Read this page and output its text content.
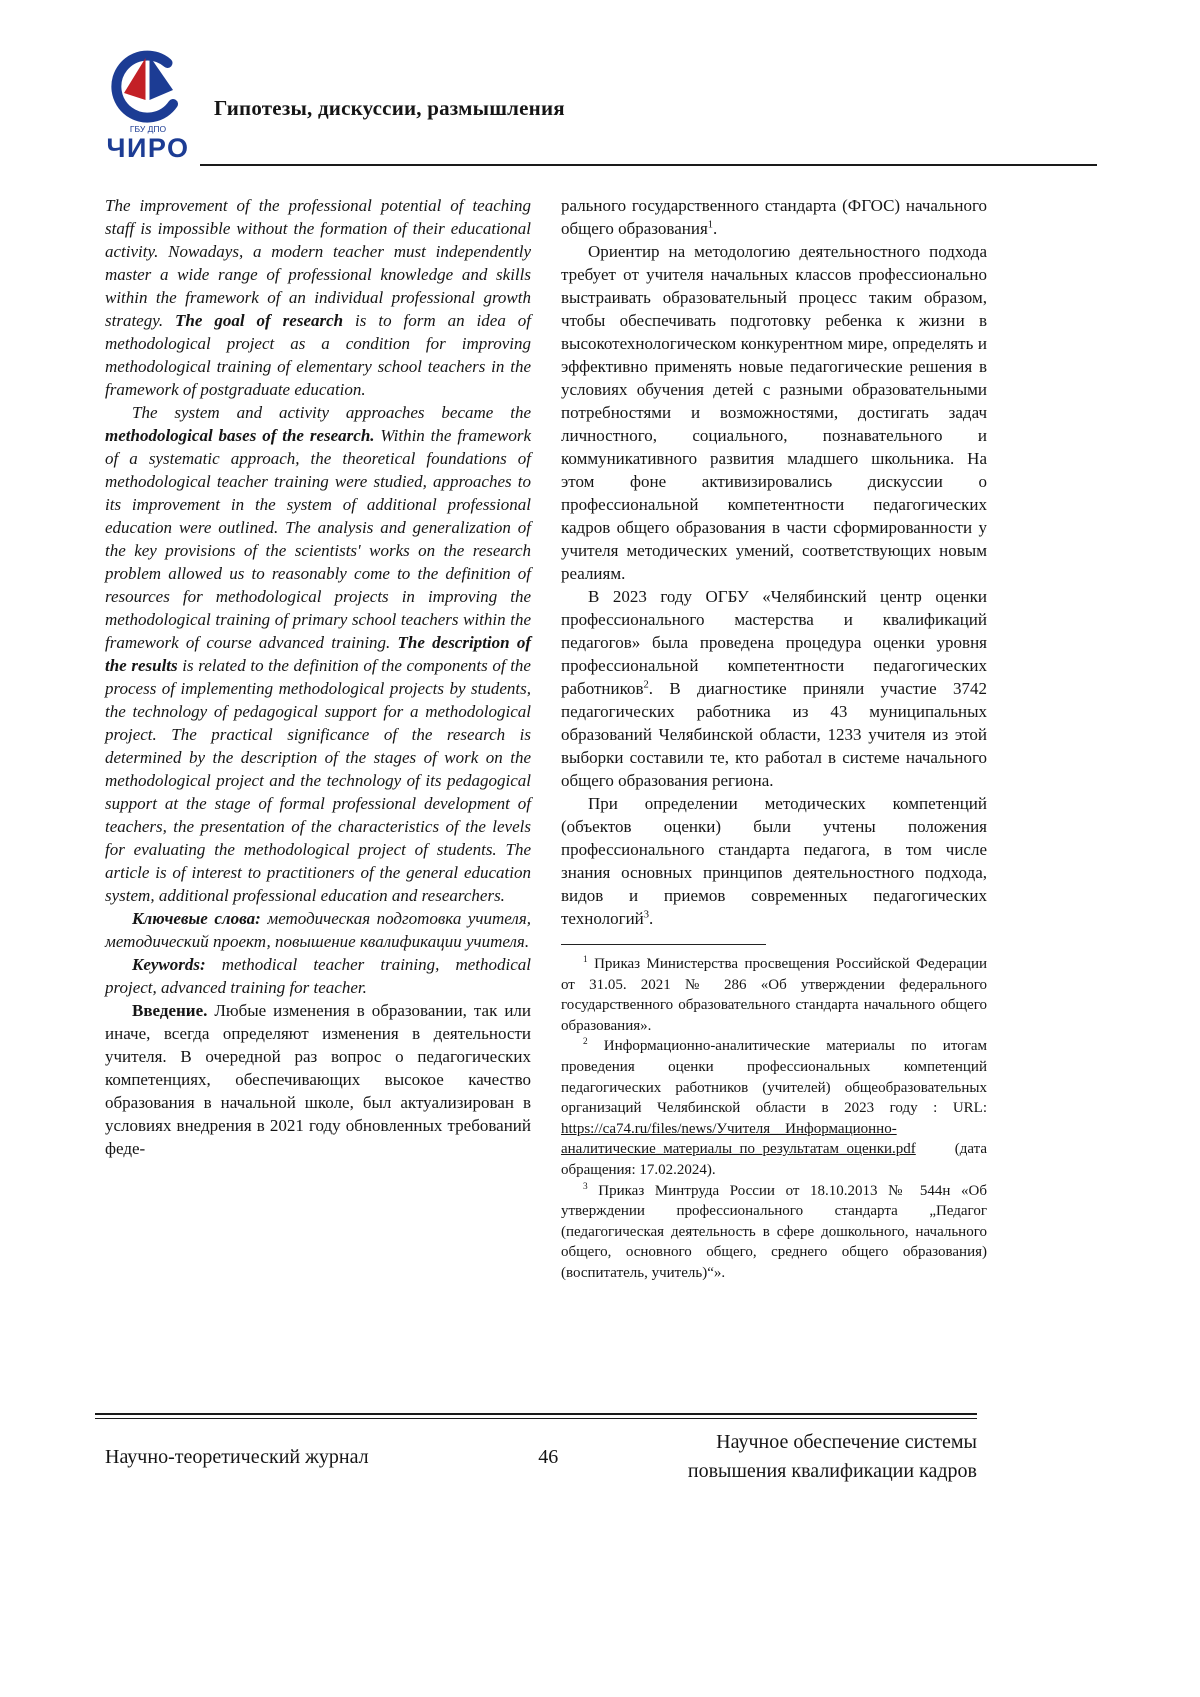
ГБУ ДПО
ЧИРО
Гипотезы, дискуссии, размышления

The improvement of the professional potential of teaching staff is impossible without the formation of their educational activity. Nowadays, a modern teacher must independently master a wide range of professional knowledge and skills within the framework of an individual professional growth strategy. The goal of research is to form an idea of methodological project as a condition for improving methodological training of elementary school teachers in the framework of postgraduate education.

The system and activity approaches became the methodological bases of the research. Within the framework of a systematic approach, the theoretical foundations of methodological teacher training were studied, approaches to its improvement in the system of additional professional education were outlined. The analysis and generalization of the key provisions of the scientists' works on the research problem allowed us to reasonably come to the definition of resources for methodological projects in improving the methodological training of primary school teachers within the framework of course advanced training. The description of the results is related to the definition of the components of the process of implementing methodological projects by students, the technology of pedagogical support for a methodological project. The practical significance of the research is determined by the description of the stages of work on the methodological project and the technology of its pedagogical support at the stage of formal professional development of teachers, the presentation of the characteristics of the levels for evaluating the methodological project of students. The article is of interest to practitioners of the general education system, additional professional education and researchers.

Ключевые слова: методическая подготовка учителя, методический проект, повышение квалификации учителя.

Keywords: methodical teacher training, methodical project, advanced training for teacher.

Введение. Любые изменения в образовании, так или иначе, всегда определяют изменения в деятельности учителя. В очередной раз вопрос о педагогических компетенциях, обеспечивающих высокое качество образования в начальной школе, был актуализирован в условиях внедрения в 2021 году обновленных требований феде-

рального государственного стандарта (ФГОС) начального общего образования$^1$.

Ориентир на методологию деятельностного подхода требует от учителя начальных классов профессионально выстраивать образовательный процесс таким образом, чтобы обеспечивать подготовку ребенка к жизни в высокотехнологическом конкурентном мире, определять и эффективно применять новые педагогические решения в условиях обучения детей с разными образовательными потребностями и возможностями, достигать задач личностного, социального, познавательного и коммуникативного развития младшего школьника. На этом фоне активизировались дискуссии о профессиональной компетентности педагогических кадров общего образования в части сформированности у учителя методических умений, соответствующих новым реалиям.

В 2023 году ОГБУ «Челябинский центр оценки профессионального мастерства и квалификаций педагогов» была проведена процедура оценки уровня профессиональной компетентности педагогических работников$^2$. В диагностике приняли участие 3742 педагогических работника из 43 муниципальных образований Челябинской области, 1233 учителя из этой выборки составили те, кто работал в системе начального общего образования региона.

При определении методических компетенций (объектов оценки) были учтены положения профессионального стандарта педагога, в том числе знания основных принципов деятельностного подхода, видов и приемов современных педагогических технологий$^3$.

$^1$ Приказ Министерства просвещения Российской Федерации от 31.05. 2021 № 286 «Об утверждении федерального государственного образовательного стандарта начального общего образования».

$^2$ Информационно-аналитические материалы по итогам проведения оценки профессиональных компетенций педагогических работников (учителей) общеобразовательных организаций Челябинской области в 2023 году : URL: https://ca74.ru/files/news/Учителя__Информационно-аналитические_материалы_по_результатам_оценки.pdf (дата обращения: 17.02.2024).

$^3$ Приказ Минтруда России от 18.10.2013 № 544н «Об утверждении профессионального стандарта „Педагог (педагогическая деятельность в сфере дошкольного, начального общего, основного общего, среднего общего образования) (воспитатель, учитель)“».

Научно-теоретический журнал	46
Научное обеспечение системы
повышения квалификации кадров
